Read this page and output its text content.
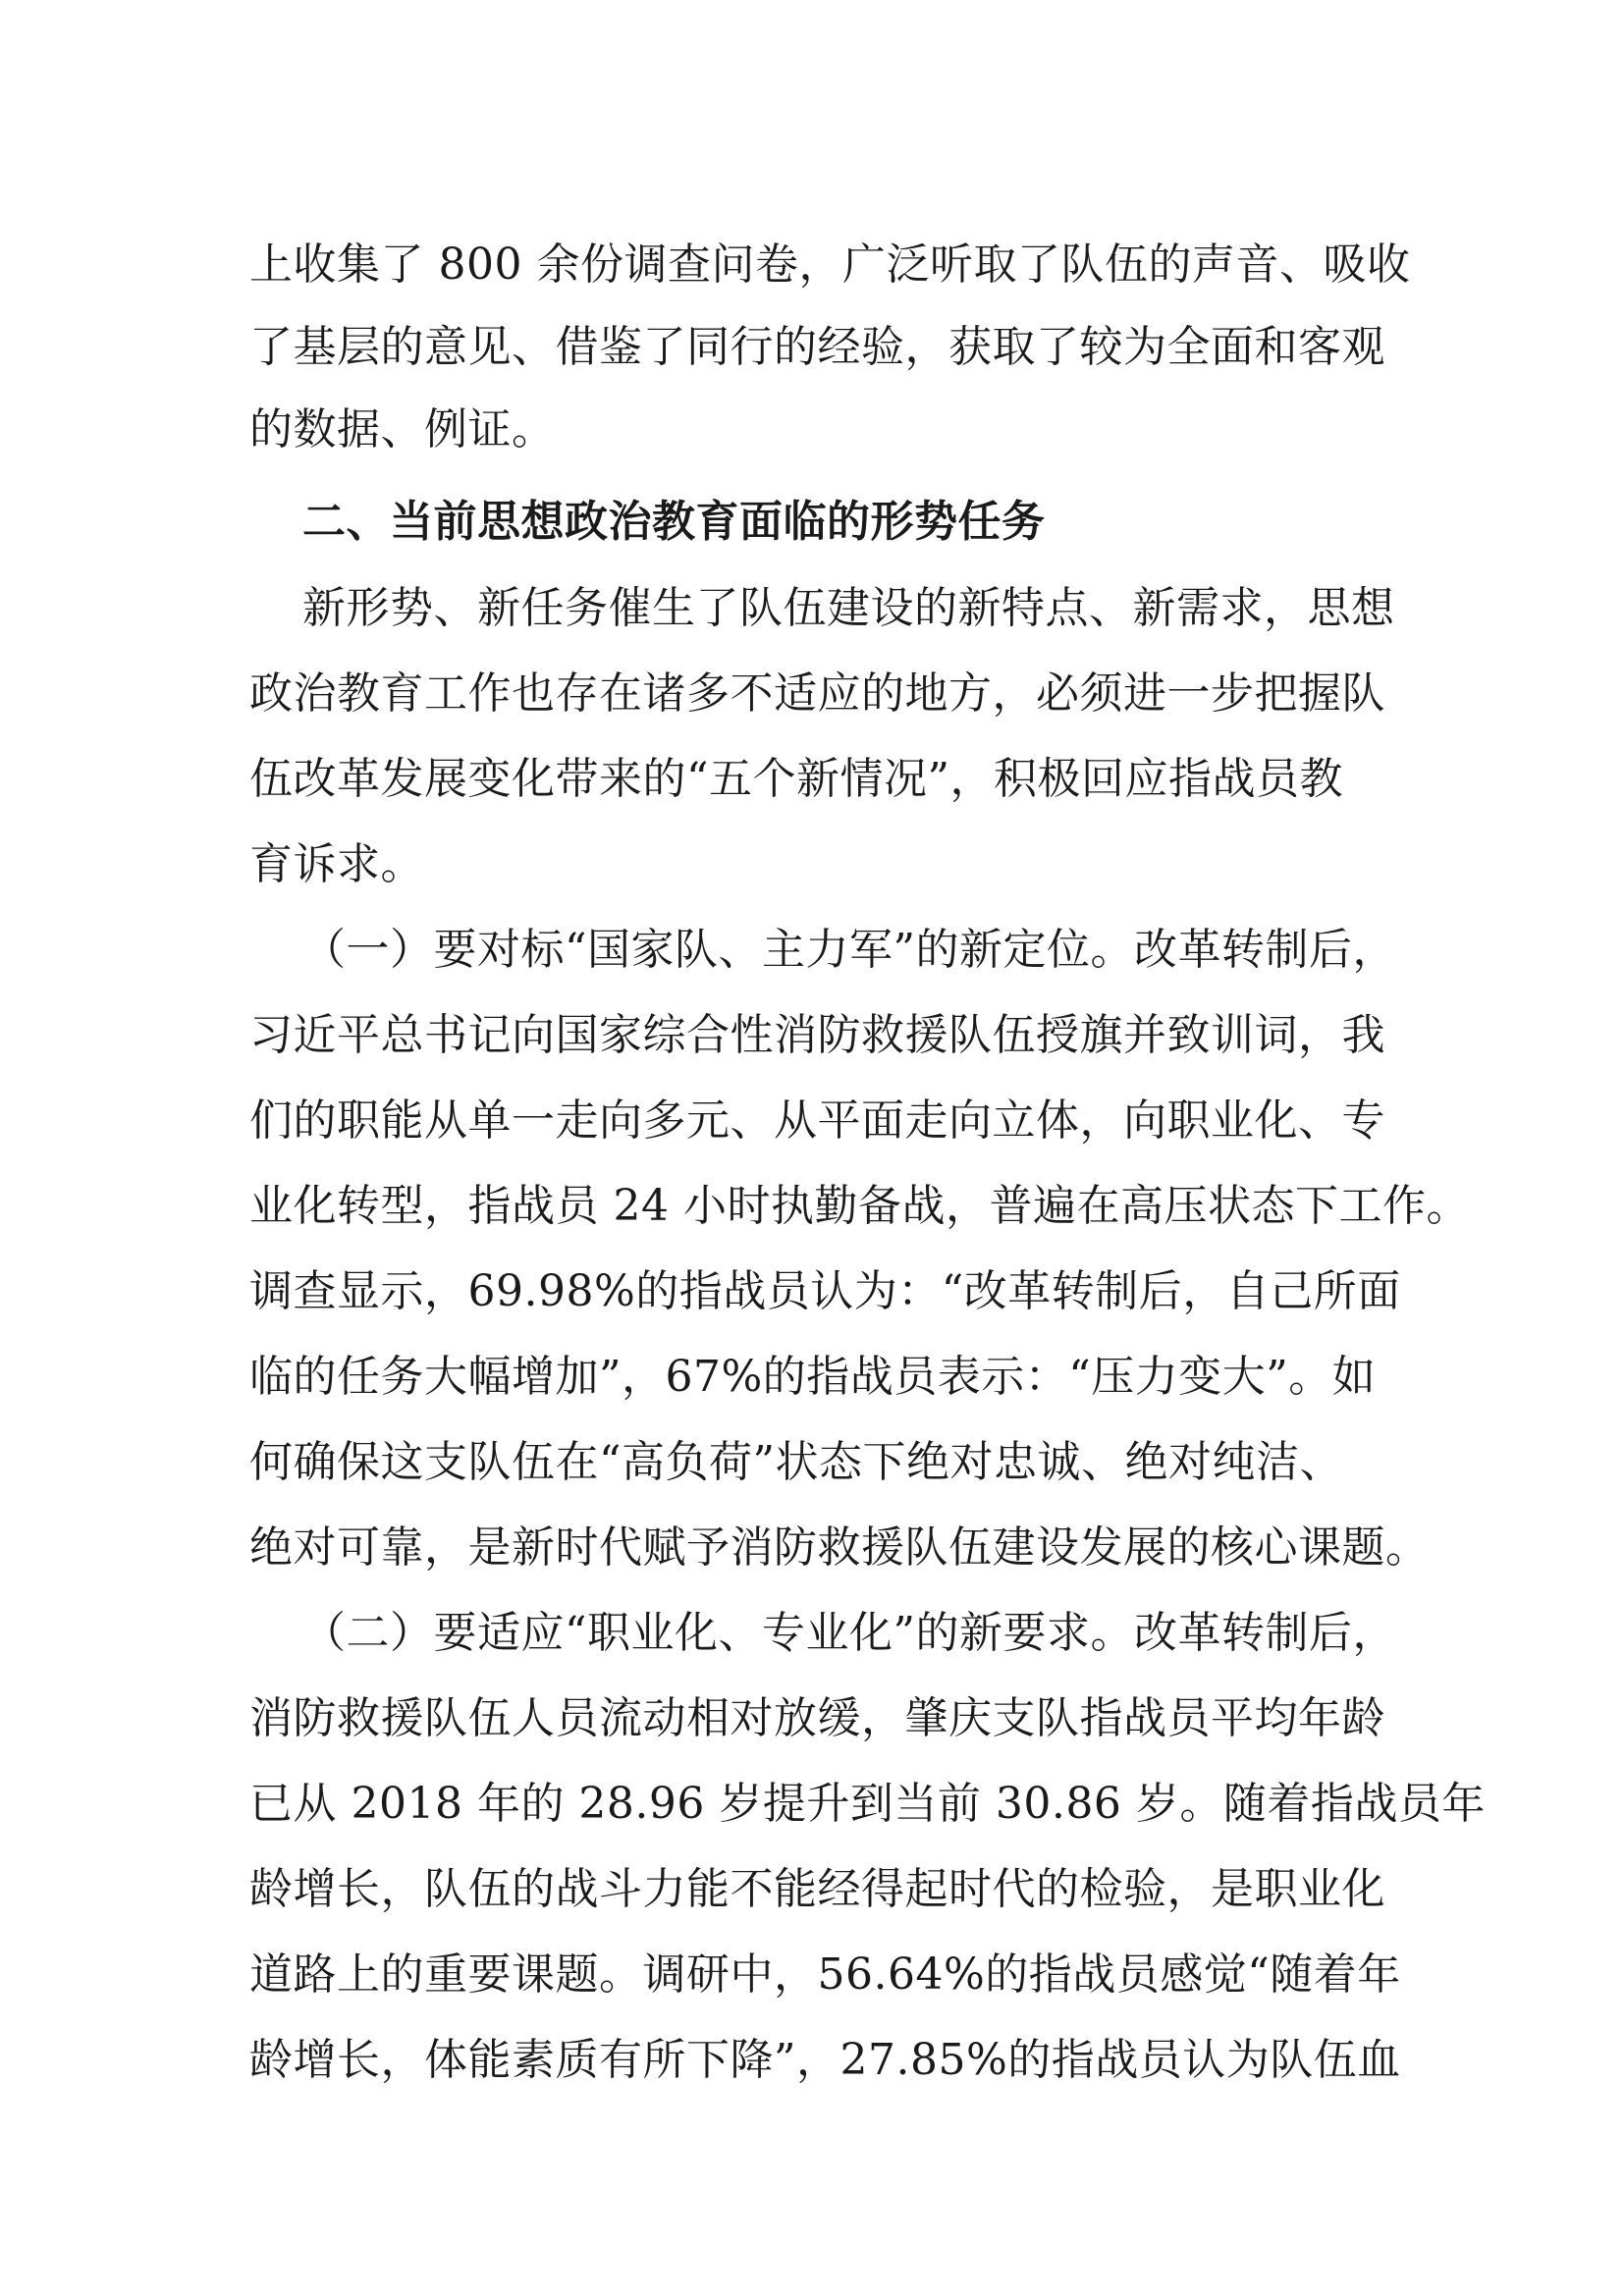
上收集了 800 余份调查问卷，广泛听取了队伍的声音、吸收
了基层的意见、借鉴了同行的经验，获取了较为全面和客观
的数据、例证。
二、当前思想政治教育面临的形势任务
新形势、新任务催生了队伍建设的新特点、新需求，思想
政治教育工作也存在诸多不适应的地方，必须进一步把握队
伍改革发展变化带来的“五个新情况”，积极回应指战员教
育诉求。
（一）要对标“国家队、主力军”的新定位。改革转制后，
习近平总书记向国家综合性消防救援队伍授旗并致训词，我
们的职能从单一走向多元、从平面走向立体，向职业化、专
业化转型，指战员 24 小时执勤备战，普遍在高压状态下工作。
调查显示，69.98%的指战员认为：“改革转制后，自己所面
临的任务大幅增加”，67%的指战员表示：“压力变大”。如
何确保这支队伍在“高负荷”状态下绝对忠诚、绝对纯洁、
绝对可靠，是新时代赋予消防救援队伍建设发展的核心课题。
（二）要适应“职业化、专业化”的新要求。改革转制后，
消防救援队伍人员流动相对放缓，肇庆支队指战员平均年龄
已从 2018 年的 28.96 岁提升到当前 30.86 岁。随着指战员年
龄增长，队伍的战斗力能不能经得起时代的检验，是职业化
道路上的重要课题。调研中，56.64%的指战员感觉“随着年
龄增长，体能素质有所下降”，27.85%的指战员认为队伍血
